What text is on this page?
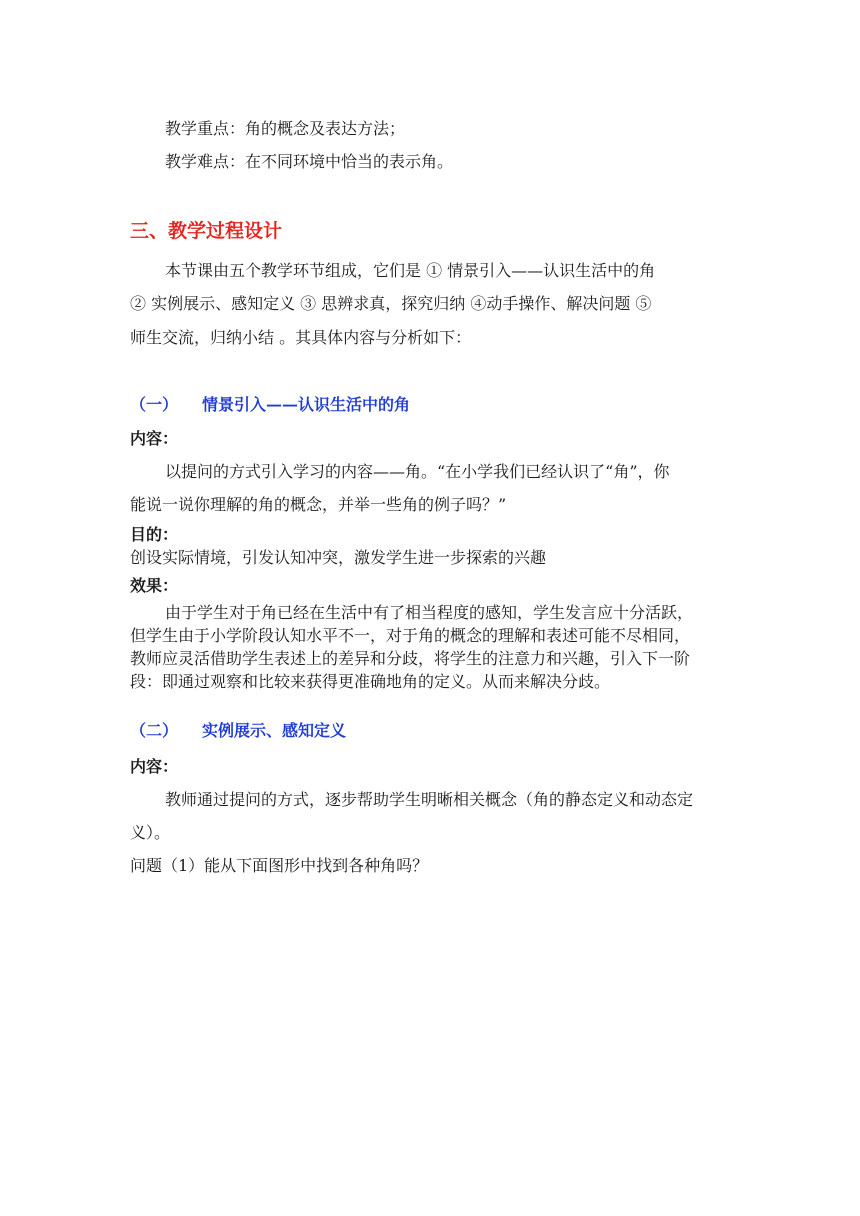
教学重点：角的概念及表达方法；
教学难点：在不同环境中恰当的表示角。
三、教学过程设计
本节课由五个教学环节组成，它们是 ① 情景引入——认识生活中的角
② 实例展示、感知定义 ③ 思辨求真，探究归纳 ④动手操作、解决问题 ⑤
师生交流，归纳小结 。其具体内容与分析如下：
（一） 情景引入——认识生活中的角
内容：
以提问的方式引入学习的内容——角。“在小学我们已经认识了“角”，你
能说一说你理解的角的概念，并举一些角的例子吗？”
目的：
创设实际情境，引发认知冲突，激发学生进一步探索的兴趣
效果：
由于学生对于角已经在生活中有了相当程度的感知，学生发言应十分活跃，
但学生由于小学阶段认知水平不一，对于角的概念的理解和表述可能不尽相同，
教师应灵活借助学生表述上的差异和分歧，将学生的注意力和兴趣，引入下一阶
段：即通过观察和比较来获得更准确地角的定义。从而来解决分歧。
（二） 实例展示、感知定义
内容：
教师通过提问的方式，逐步帮助学生明晰相关概念（角的静态定义和动态定
义）。
问题（1）能从下面图形中找到各种角吗？
